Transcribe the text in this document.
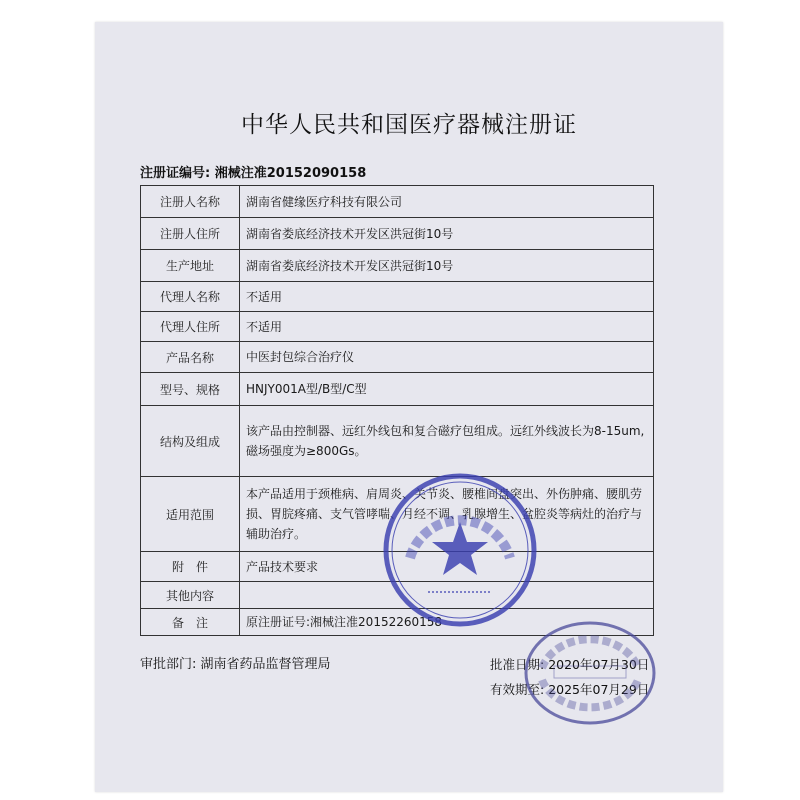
中华人民共和国医疗器械注册证
注册证编号: 湘械注准20152090158
注册人名称	湖南省健缘医疗科技有限公司
注册人住所	湖南省娄底经济技术开发区洪冠街10号
生产地址	湖南省娄底经济技术开发区洪冠街10号
代理人名称	不适用
代理人住所	不适用
产品名称	中医封包综合治疗仪
型号、规格	HNJY001A型/B型/C型
结构及组成	该产品由控制器、远红外线包和复合磁疗包组成。远红外线波长为8-15um, 磁场强度为≥800Gs。
适用范围	本产品适用于颈椎病、肩周炎、关节炎、腰椎间盘突出、外伤肿痛、腰肌劳损、胃脘疼痛、支气管哮喘、月经不调、乳腺增生、盆腔炎等病灶的治疗与辅助治疗。
附　件	产品技术要求
其他内容	
备　注	原注册证号:湘械注准20152260158
审批部门: 湖南省药品监督管理局	批准日期: 2020年07月30日
有效期至: 2025年07月29日
